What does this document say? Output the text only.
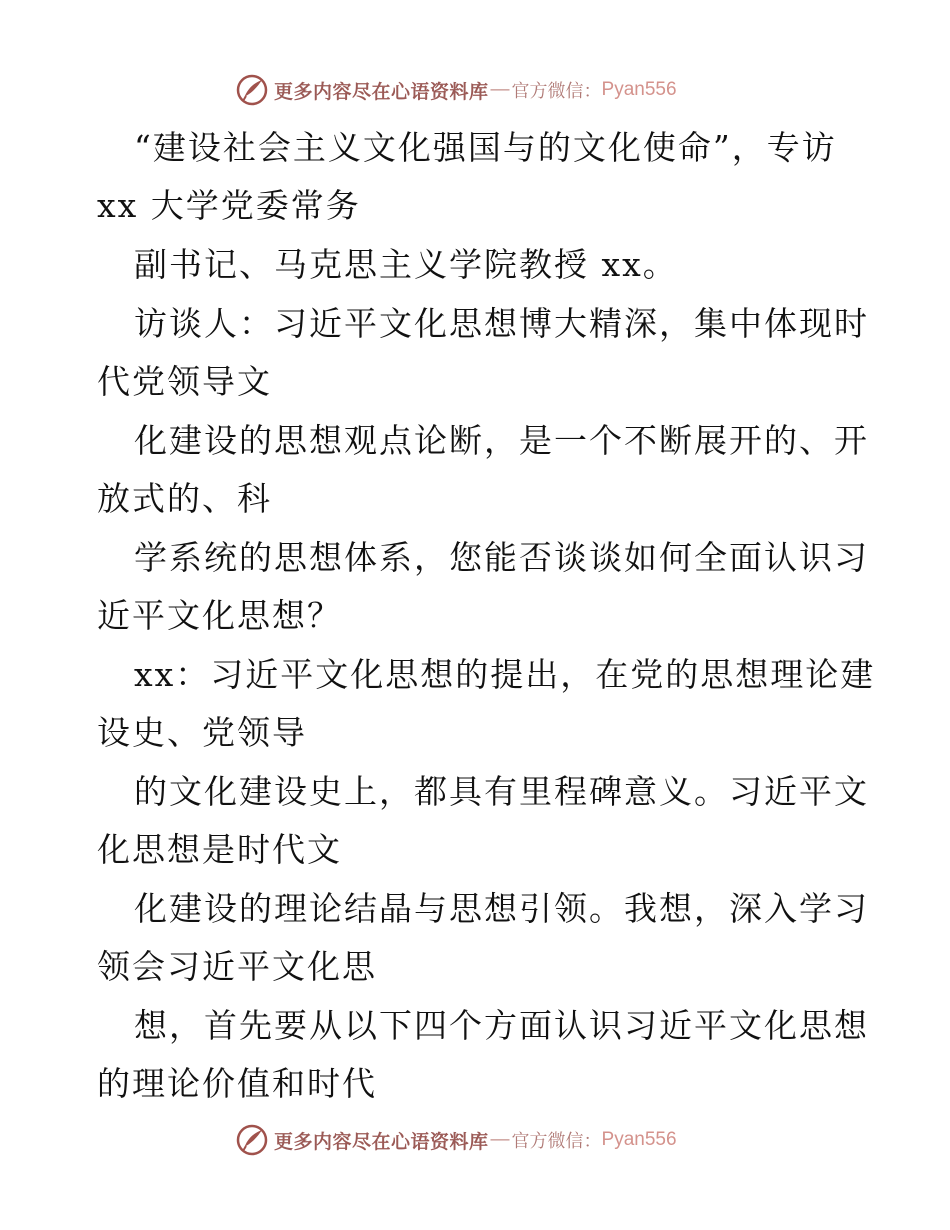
更多内容尽在心语资料库 — 官方微信： Pyan556
“建设社会主义文化强国与的文化使命”，专访
xx 大学党委常务
副书记、马克思主义学院教授 xx。
访谈人：习近平文化思想博大精深，集中体现时
代党领导文
化建设的思想观点论断，是一个不断展开的、开
放式的、科
学系统的思想体系，您能否谈谈如何全面认识习
近平文化思想？
xx：习近平文化思想的提出，在党的思想理论建
设史、党领导
的文化建设史上，都具有里程碑意义。习近平文
化思想是时代文
化建设的理论结晶与思想引领。我想，深入学习
领会习近平文化思
想，首先要从以下四个方面认识习近平文化思想
的理论价值和时代
更多内容尽在心语资料库 — 官方微信： Pyan556
